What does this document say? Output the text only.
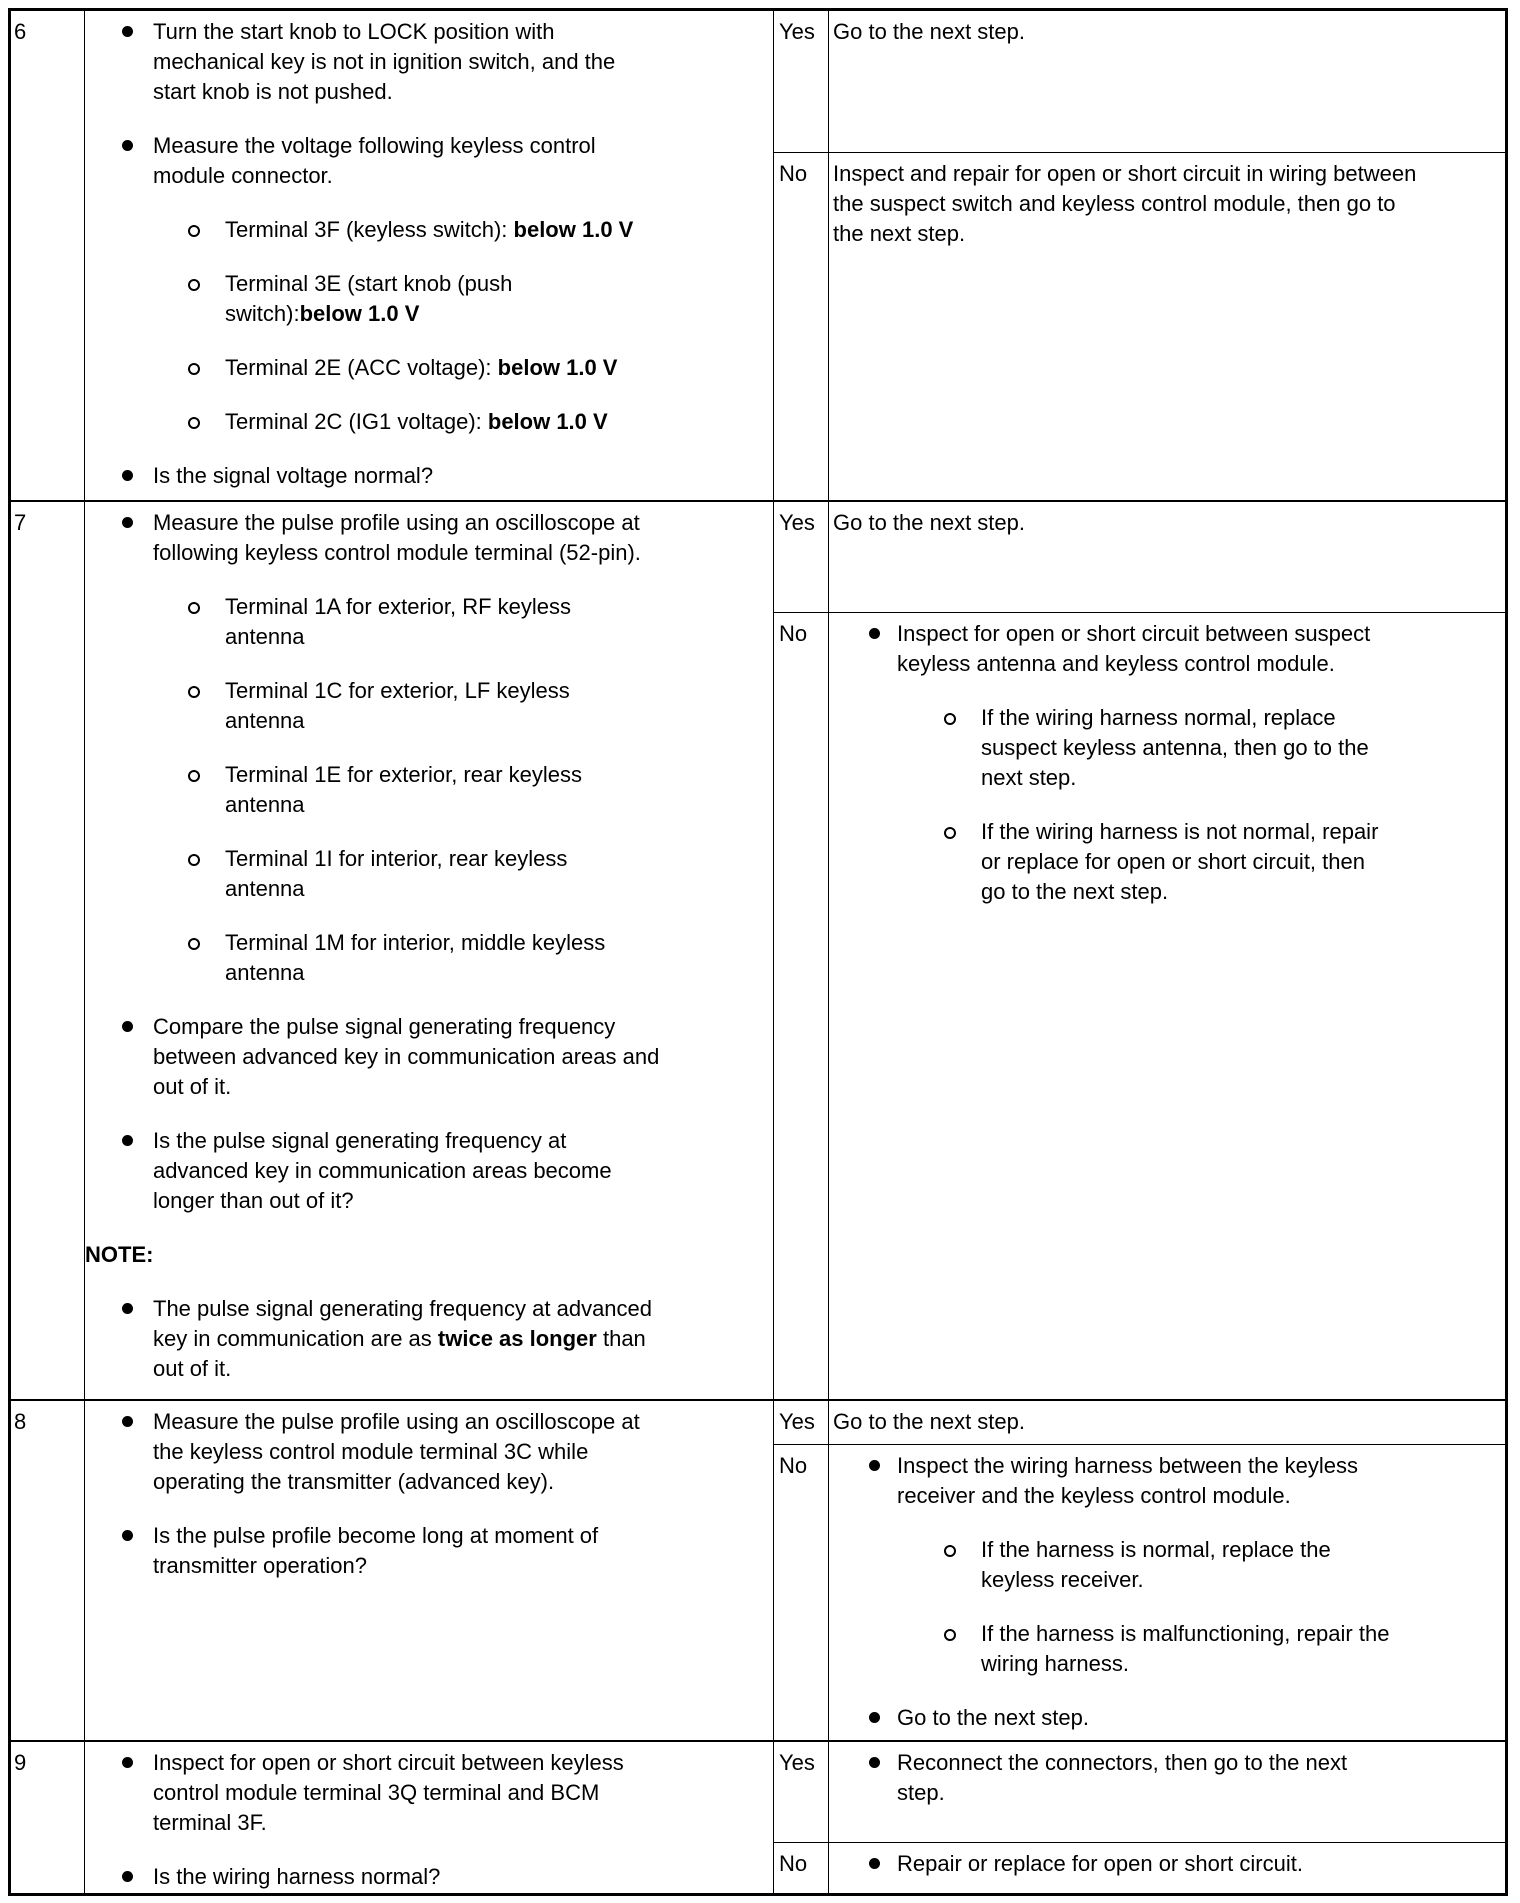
6	Turn the start knob to LOCK position with
mechanical key is not in ignition switch, and the
start knob is not pushed.
Measure the voltage following keyless control
module connector.
Terminal 3F (keyless switch): below 1.0 V
Terminal 3E (start knob (push
switch):below 1.0 V
Terminal 2E (ACC voltage): below 1.0 V
Terminal 2C (IG1 voltage): below 1.0 V
Is the signal voltage normal?
Yes Go to the next step.
No	Inspect and repair for open or short circuit in wiring between
the suspect switch and keyless control module, then go to
the next step.
7	Measure the pulse profile using an oscilloscope at
following keyless control module terminal (52-pin).
Terminal 1A for exterior, RF keyless
antenna
Terminal 1C for exterior, LF keyless
antenna
Terminal 1E for exterior, rear keyless
antenna
Terminal 1I for interior, rear keyless
antenna
Terminal 1M for interior, middle keyless
antenna
Compare the pulse signal generating frequency
between advanced key in communication areas and
out of it.
Is the pulse signal generating frequency at
advanced key in communication areas become
longer than out of it?
NOTE:
The pulse signal generating frequency at advanced
key in communication are as twice as longer than
out of it.
Yes Go to the next step.
No	Inspect for open or short circuit between suspect
keyless antenna and keyless control module.
If the wiring harness normal, replace
suspect keyless antenna, then go to the
next step.
If the wiring harness is not normal, repair
or replace for open or short circuit, then
go to the next step.
8	Measure the pulse profile using an oscilloscope at
the keyless control module terminal 3C while
operating the transmitter (advanced key).
Is the pulse profile become long at moment of
transmitter operation?
Yes Go to the next step.
No	Inspect the wiring harness between the keyless
receiver and the keyless control module.
If the harness is normal, replace the
keyless receiver.
If the harness is malfunctioning, repair the
wiring harness.
Go to the next step.
9	Inspect for open or short circuit between keyless
control module terminal 3Q terminal and BCM
terminal 3F.
Is the wiring harness normal?
Yes	Reconnect the connectors, then go to the next
step.
No	Repair or replace for open or short circuit.
